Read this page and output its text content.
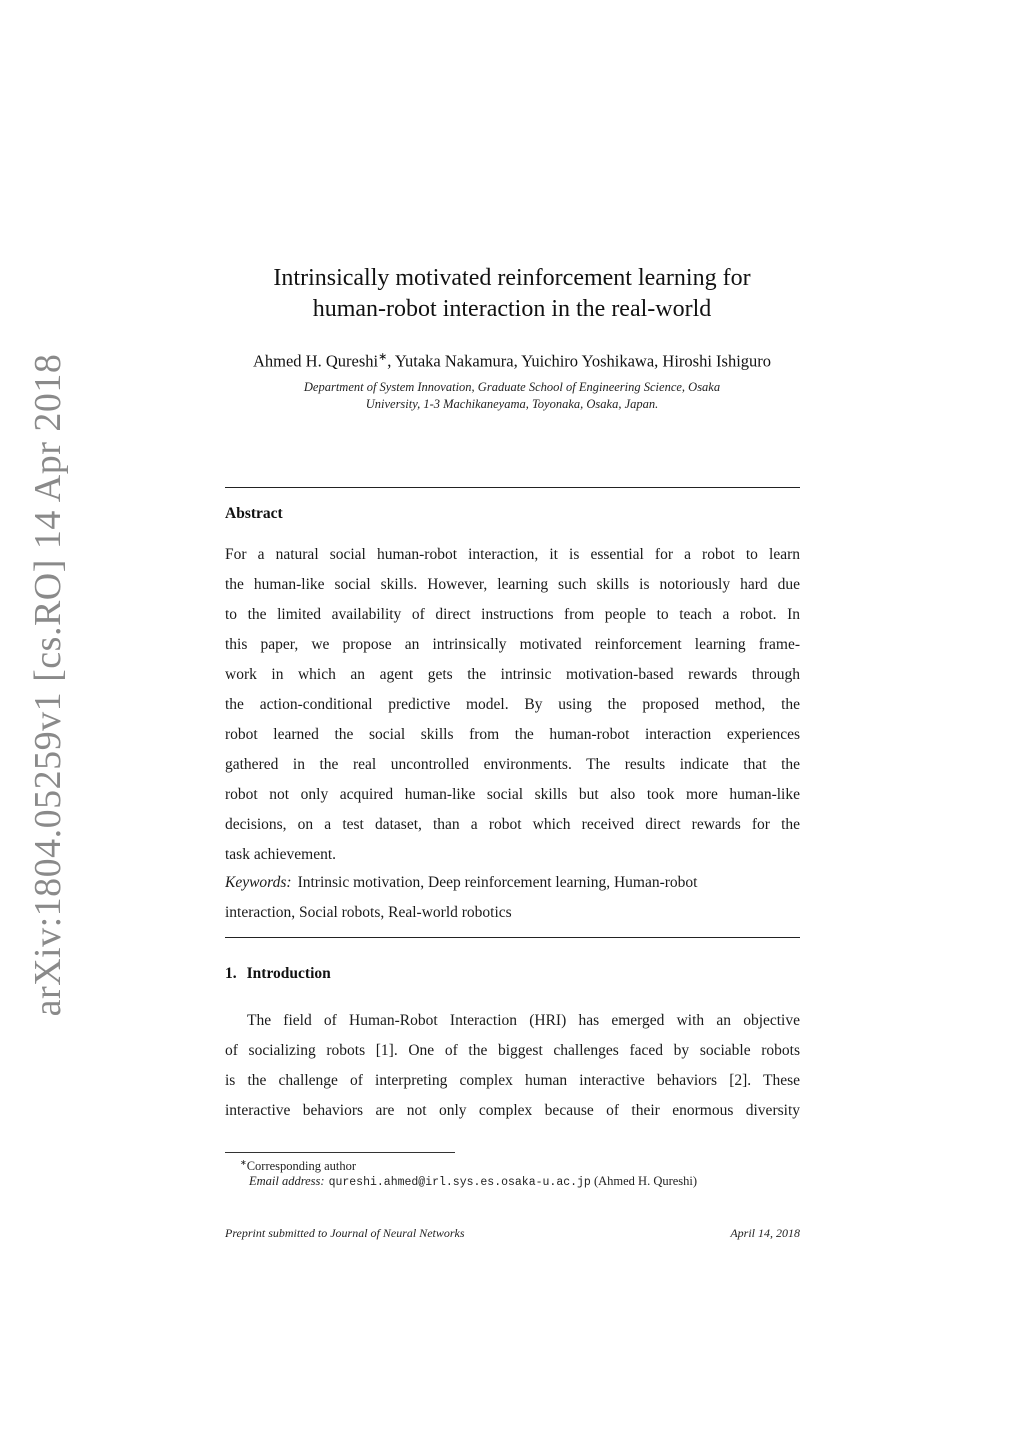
arXiv:1804.05259v1 [cs.RO] 14 Apr 2018
Intrinsically motivated reinforcement learning for
human-robot interaction in the real-world
Ahmed H. Qureshi∗, Yutaka Nakamura, Yuichiro Yoshikawa, Hiroshi Ishiguro
Department of System Innovation, Graduate School of Engineering Science, Osaka
University, 1-3 Machikaneyama, Toyonaka, Osaka, Japan.
Abstract
For a natural social human-robot interaction, it is essential for a robot to learn
the human-like social skills. However, learning such skills is notoriously hard due
to the limited availability of direct instructions from people to teach a robot. In
this paper, we propose an intrinsically motivated reinforcement learning frame-
work in which an agent gets the intrinsic motivation-based rewards through
the action-conditional predictive model. By using the proposed method, the
robot learned the social skills from the human-robot interaction experiences
gathered in the real uncontrolled environments. The results indicate that the
robot not only acquired human-like social skills but also took more human-like
decisions, on a test dataset, than a robot which received direct rewards for the
task achievement.
Keywords: Intrinsic motivation, Deep reinforcement learning, Human-robot
interaction, Social robots, Real-world robotics
1. Introduction
The field of Human-Robot Interaction (HRI) has emerged with an objective
of socializing robots [1]. One of the biggest challenges faced by sociable robots
is the challenge of interpreting complex human interactive behaviors [2]. These
interactive behaviors are not only complex because of their enormous diversity
∗Corresponding author
Email address: qureshi.ahmed@irl.sys.es.osaka-u.ac.jp (Ahmed H. Qureshi)
Preprint submitted to Journal of Neural Networks	April 14, 2018
